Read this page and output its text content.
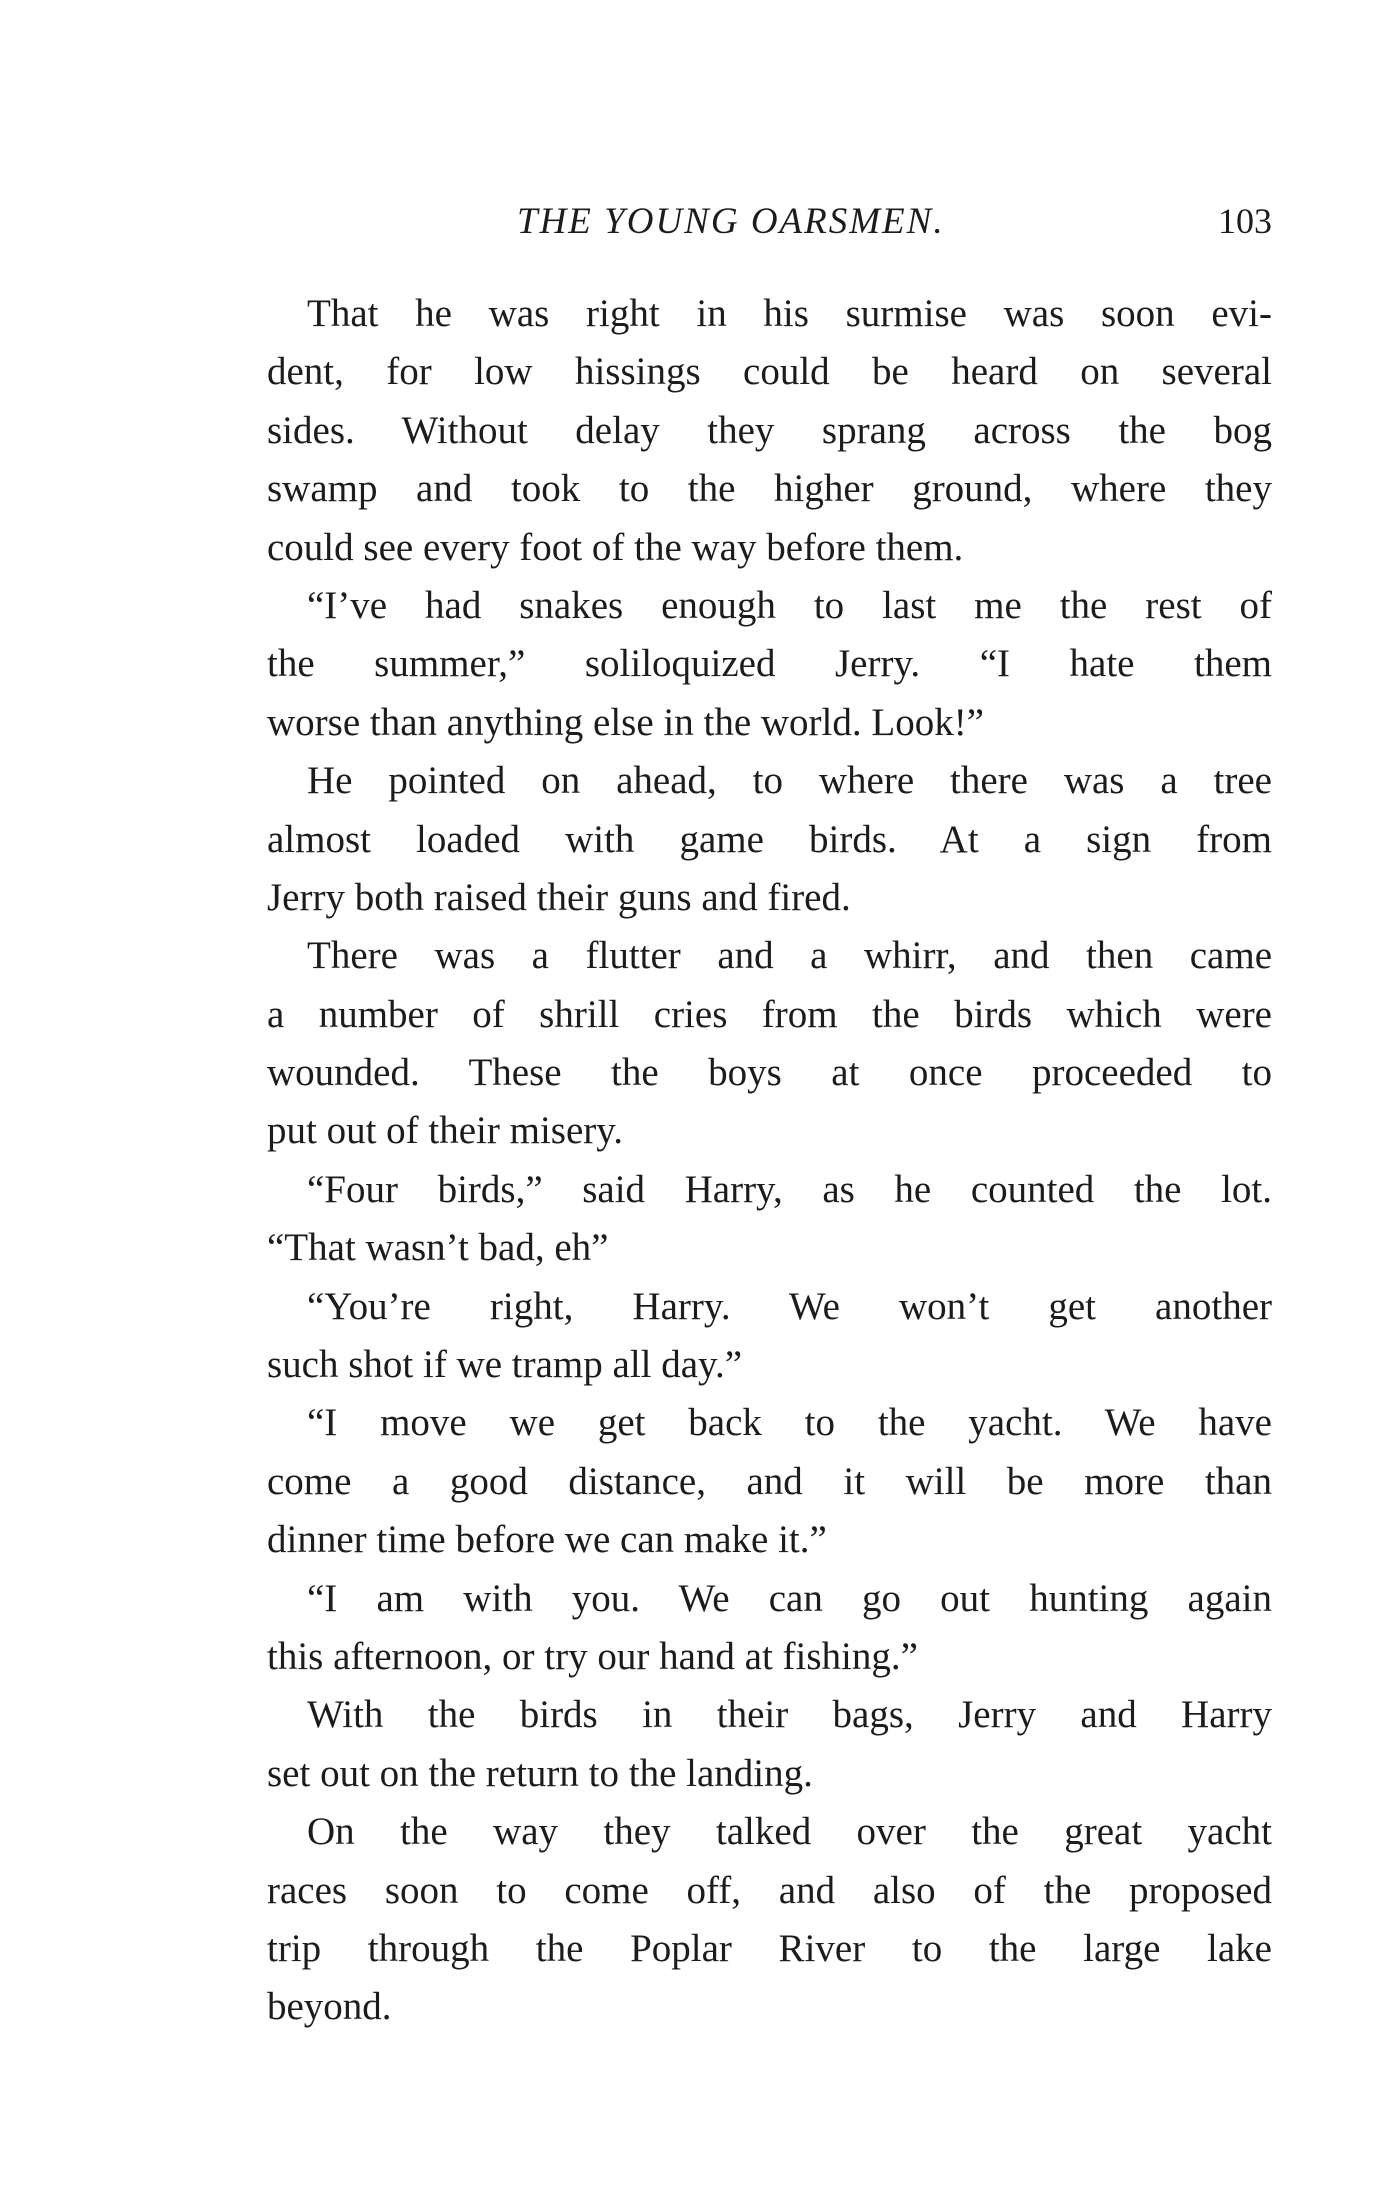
THE YOUNG OARSMEN.	103
That he was right in his surmise was soon evi-
dent, for low hissings could be heard on several
sides. Without delay they sprang across the bog
swamp and took to the higher ground, where they
could see every foot of the way before them.
“I’ve had snakes enough to last me the rest of
the summer,” soliloquized Jerry. “I hate them
worse than anything else in the world. Look!”
He pointed on ahead, to where there was a tree
almost loaded with game birds. At a sign from
Jerry both raised their guns and fired.
There was a flutter and a whirr, and then came
a number of shrill cries from the birds which were
wounded. These the boys at once proceeded to
put out of their misery.
“Four birds,” said Harry, as he counted the lot.
“That wasn’t bad, eh”
“You’re right, Harry. We won’t get another
such shot if we tramp all day.”
“I move we get back to the yacht. We have
come a good distance, and it will be more than
dinner time before we can make it.”
“I am with you. We can go out hunting again
this afternoon, or try our hand at fishing.”
With the birds in their bags, Jerry and Harry
set out on the return to the landing.
On the way they talked over the great yacht
races soon to come off, and also of the proposed
trip through the Poplar River to the large lake
beyond.
